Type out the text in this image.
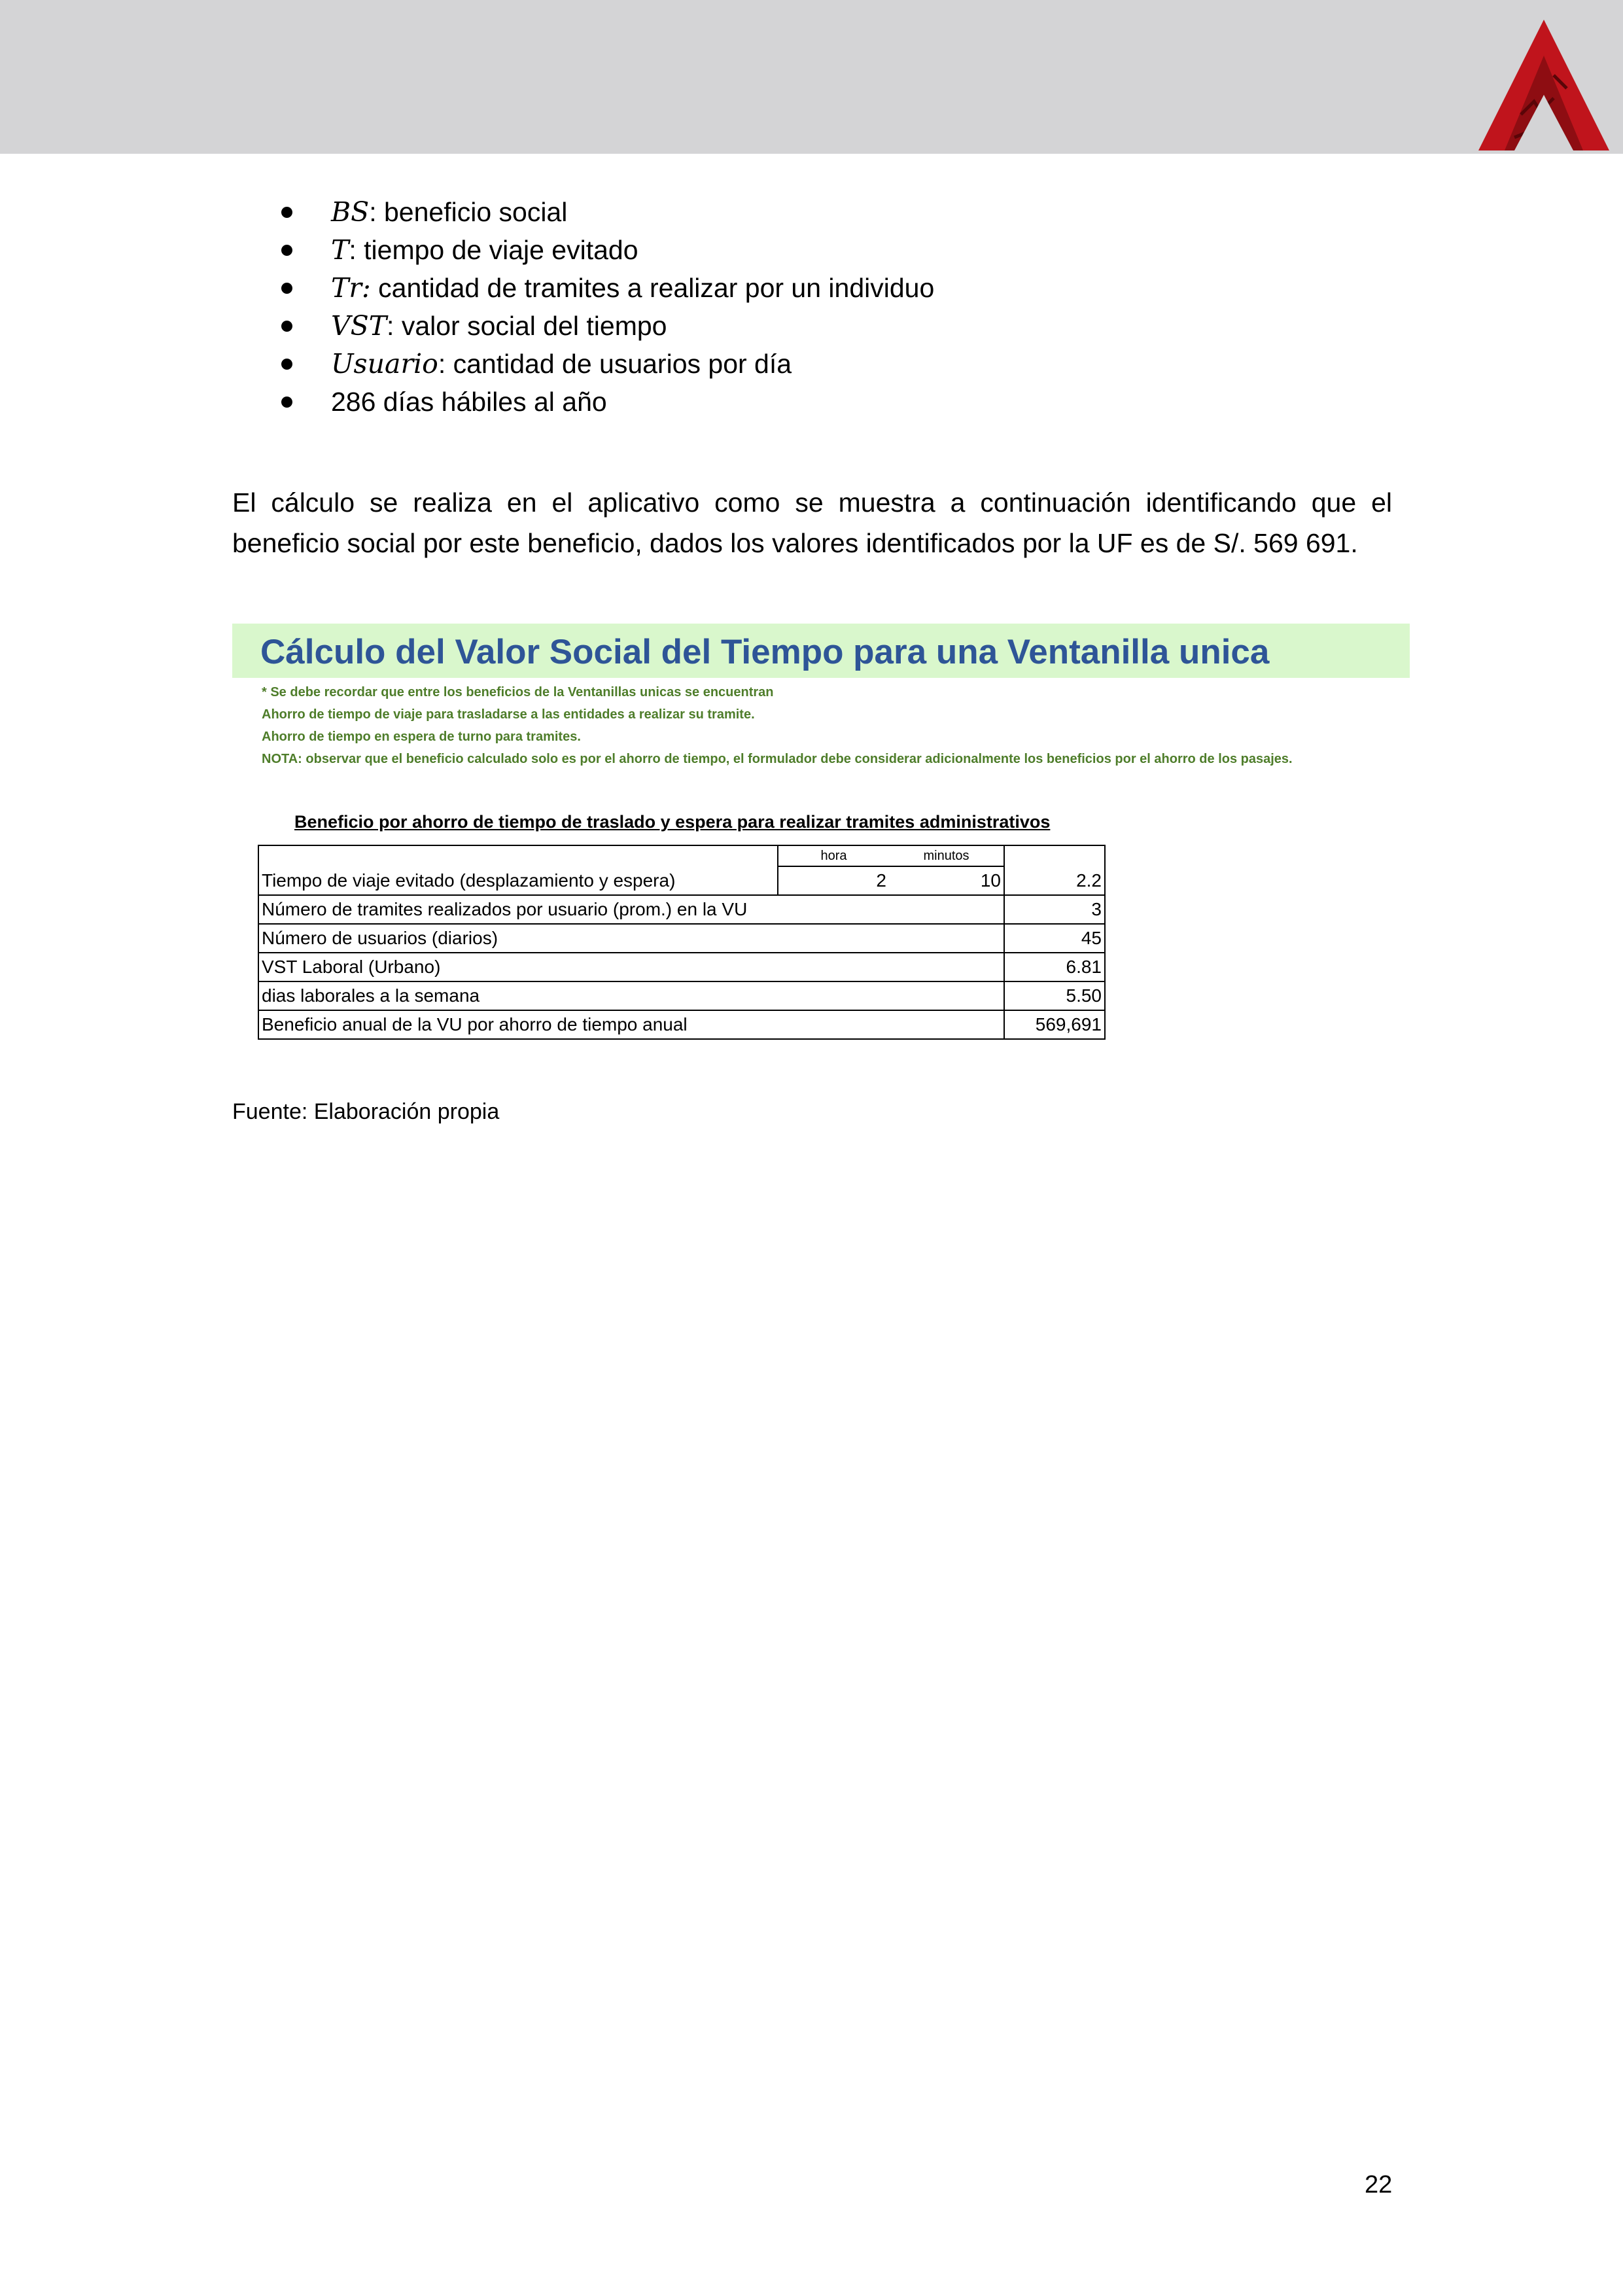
BS: beneficio social
T: tiempo de viaje evitado
Tr: cantidad de tramites a realizar por un individuo
VST: valor social del tiempo
Usuario: cantidad de usuarios por día
286 días hábiles al año

El cálculo se realiza en el aplicativo como se muestra a continuación identificando que el beneficio social por este beneficio, dados los valores identificados por la UF es de S/. 569 691.

Cálculo del Valor Social del Tiempo para una Ventanilla unica
* Se debe recordar que entre los beneficios de la Ventanillas unicas se encuentran
Ahorro de tiempo de viaje para trasladarse a las entidades a realizar su tramite.
Ahorro de tiempo en espera de turno para tramites.
NOTA: observar que el beneficio calculado solo es por el ahorro de tiempo, el formulador debe considerar adicionalmente los beneficios por el ahorro de los pasajes.

Beneficio por ahorro de tiempo de traslado y espera para realizar tramites administrativos

	hora	minutos	
Tiempo de viaje evitado (desplazamiento y espera)	2	10	2.2
Número de tramites realizados por usuario (prom.) en la VU			3
Número de usuarios (diarios)			45
VST Laboral (Urbano)			6.81
dias laborales a la semana			5.50
Beneficio anual de la VU por ahorro de tiempo anual			569,691

Fuente: Elaboración propia

22
